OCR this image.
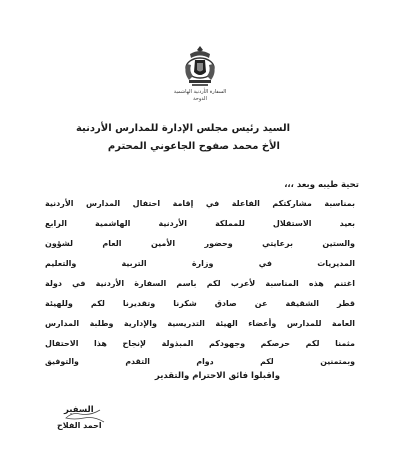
السفارة الأردنية الهاشمية
الدوحة
السيد رئيس مجلس الإدارة للمدارس الأردنية
الأخ محمد صفوح الجاعوني المحترم
تحية طيبه وبعد ،،،
بمناسبة مشاركتكم الفاعلة في إقامة احتفال المدارس الأردنية
بعيد الاستقلال للمملكة الأردنية الهاشمية الرابع
والستين برعايتي وحضور الأمين العام لشؤون
المديريات في وزارة التربية والتعليم
اغتنم هذه المناسبة لأعرب لكم باسم السفارة الأردنية في دولة
قطر الشقيقة عن صادق شكرنا وتقديرنا لكم وللهيئة
العامة للمدارس وأعضاء الهيئة التدريسية والإدارية وطلبة المدارس
مثمنا لكم حرصكم وجهودكم المبذولة لإنجاح هذا الاحتفال
وبمتمنين لكم دوام التقدم والتوفيق
واقبلوا فائق الاحترام والتقدير
السفير
احمد الفلاح
